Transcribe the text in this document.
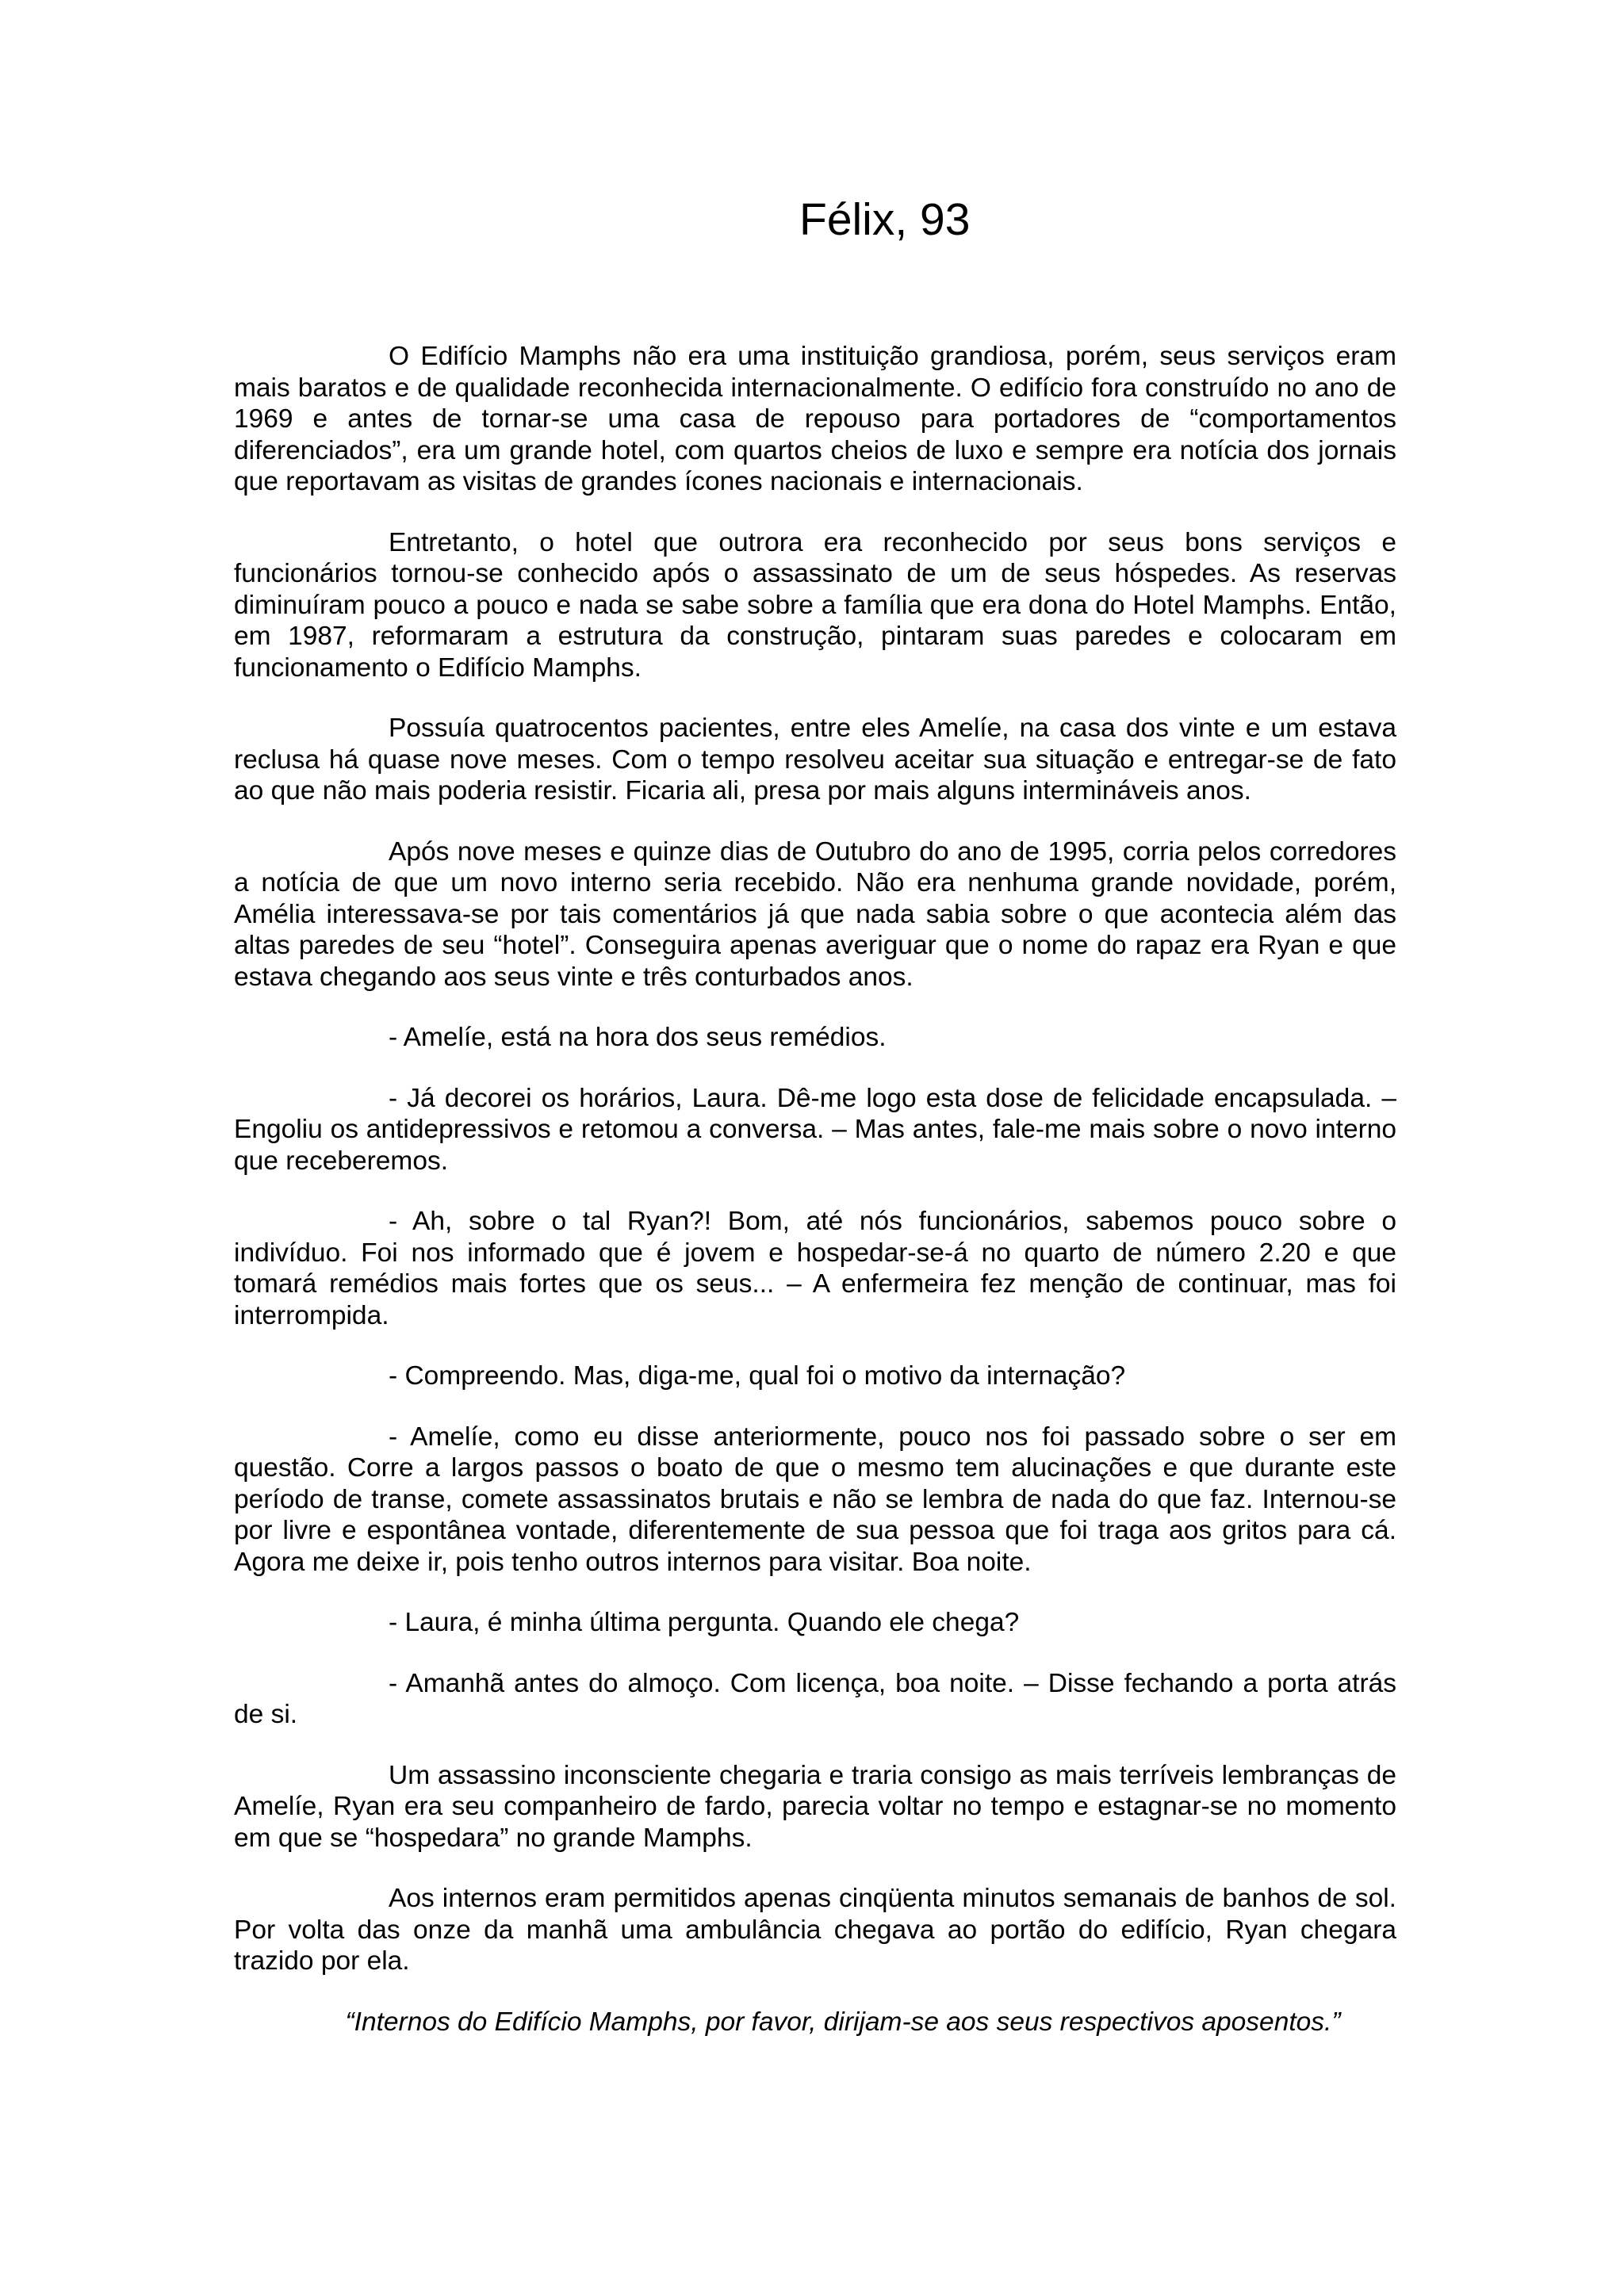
Félix, 93

O Edifício Mamphs não era uma instituição grandiosa, porém, seus serviços eram mais baratos e de qualidade reconhecida internacionalmente. O edifício fora construído no ano de 1969 e antes de tornar-se uma casa de repouso para portadores de “comportamentos diferenciados”, era um grande hotel, com quartos cheios de luxo e sempre era notícia dos jornais que reportavam as visitas de grandes ícones nacionais e internacionais.

Entretanto, o hotel que outrora era reconhecido por seus bons serviços e funcionários tornou-se conhecido após o assassinato de um de seus hóspedes. As reservas diminuíram pouco a pouco e nada se sabe sobre a família que era dona do Hotel Mamphs. Então, em 1987, reformaram a estrutura da construção, pintaram suas paredes e colocaram em funcionamento o Edifício Mamphs.

Possuía quatrocentos pacientes, entre eles Amelíe, na casa dos vinte e um estava reclusa há quase nove meses. Com o tempo resolveu aceitar sua situação e entregar-se de fato ao que não mais poderia resistir. Ficaria ali, presa por mais alguns intermináveis anos.

Após nove meses e quinze dias de Outubro do ano de 1995, corria pelos corredores a notícia de que um novo interno seria recebido. Não era nenhuma grande novidade, porém, Amélia interessava-se por tais comentários já que nada sabia sobre o que acontecia além das altas paredes de seu “hotel”. Conseguira apenas averiguar que o nome do rapaz era Ryan e que estava chegando aos seus vinte e três conturbados anos.

- Amelíe, está na hora dos seus remédios.

- Já decorei os horários, Laura. Dê-me logo esta dose de felicidade encapsulada. – Engoliu os antidepressivos e retomou a conversa. – Mas antes, fale-me mais sobre o novo interno que receberemos.

- Ah, sobre o tal Ryan?! Bom, até nós funcionários, sabemos pouco sobre o indivíduo. Foi nos informado que é jovem e hospedar-se-á no quarto de número 2.20 e que tomará remédios mais fortes que os seus... – A enfermeira fez menção de continuar, mas foi interrompida.

- Compreendo. Mas, diga-me, qual foi o motivo da internação?

- Amelíe, como eu disse anteriormente, pouco nos foi passado sobre o ser em questão. Corre a largos passos o boato de que o mesmo tem alucinações e que durante este período de transe, comete assassinatos brutais e não se lembra de nada do que faz. Internou-se por livre e espontânea vontade, diferentemente de sua pessoa que foi traga aos gritos para cá. Agora me deixe ir, pois tenho outros internos para visitar. Boa noite.

- Laura, é minha última pergunta. Quando ele chega?

- Amanhã antes do almoço. Com licença, boa noite. – Disse fechando a porta atrás de si.

Um assassino inconsciente chegaria e traria consigo as mais terríveis lembranças de Amelíe, Ryan era seu companheiro de fardo, parecia voltar no tempo e estagnar-se no momento em que se “hospedara” no grande Mamphs.

Aos internos eram permitidos apenas cinqüenta minutos semanais de banhos de sol. Por volta das onze da manhã uma ambulância chegava ao portão do edifício, Ryan chegara trazido por ela.

“Internos do Edifício Mamphs, por favor, dirijam-se aos seus respectivos aposentos.”
